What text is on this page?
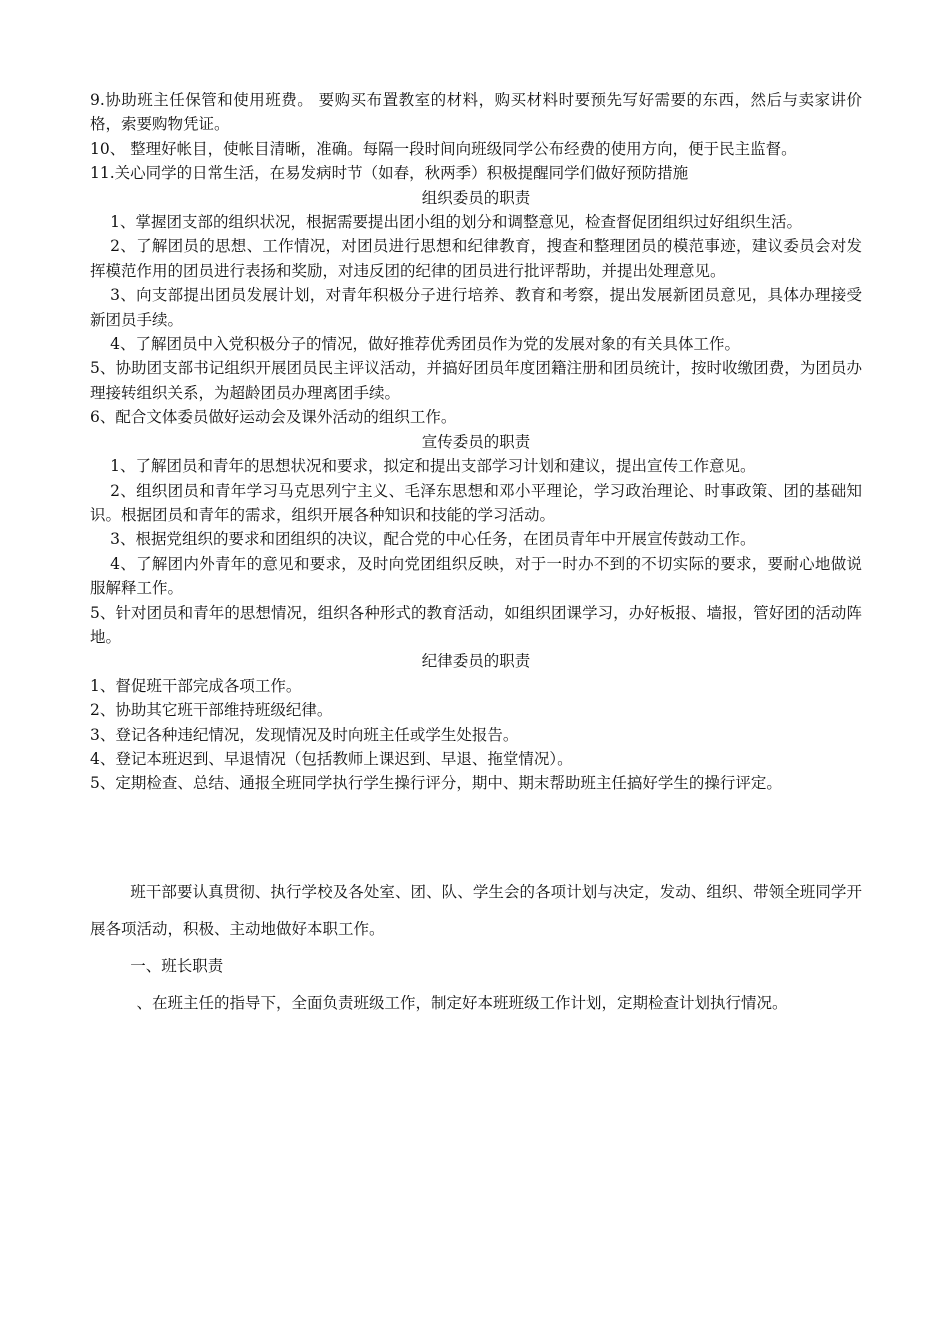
9.协助班主任保管和使用班费。 要购买布置教室的材料，购买材料时要预先写好需要的东西，然后与卖家讲价格，索要购物凭证。

10、 整理好帐目，使帐目清晰，准确。每隔一段时间向班级同学公布经费的使用方向，便于民主监督。

11.关心同学的日常生活，在易发病时节（如春，秋两季）积极提醒同学们做好预防措施

组织委员的职责

1、掌握团支部的组织状况，根据需要提出团小组的划分和调整意见，检查督促团组织过好组织生活。

2、了解团员的思想、工作情况，对团员进行思想和纪律教育，搜查和整理团员的模范事迹，建议委员会对发挥模范作用的团员进行表扬和奖励，对违反团的纪律的团员进行批评帮助，并提出处理意见。

3、向支部提出团员发展计划，对青年积极分子进行培养、教育和考察，提出发展新团员意见，具体办理接受新团员手续。

4、了解团员中入党积极分子的情况，做好推荐优秀团员作为党的发展对象的有关具体工作。

5、协助团支部书记组织开展团员民主评议活动，并搞好团员年度团籍注册和团员统计，按时收缴团费，为团员办理接转组织关系，为超龄团员办理离团手续。

6、配合文体委员做好运动会及课外活动的组织工作。

宣传委员的职责

1、了解团员和青年的思想状况和要求，拟定和提出支部学习计划和建议，提出宣传工作意见。

2、组织团员和青年学习马克思列宁主义、毛泽东思想和邓小平理论，学习政治理论、时事政策、团的基础知识。根据团员和青年的需求，组织开展各种知识和技能的学习活动。

3、根据党组织的要求和团组织的决议，配合党的中心任务，在团员青年中开展宣传鼓动工作。

4、了解团内外青年的意见和要求，及时向党团组织反映，对于一时办不到的不切实际的要求，要耐心地做说服解释工作。

5、针对团员和青年的思想情况，组织各种形式的教育活动，如组织团课学习，办好板报、墙报，管好团的活动阵地。

纪律委员的职责

1、督促班干部完成各项工作。

2、协助其它班干部维持班级纪律。

3、登记各种违纪情况，发现情况及时向班主任或学生处报告。

4、登记本班迟到、早退情况（包括教师上课迟到、早退、拖堂情况）。

5、定期检查、总结、通报全班同学执行学生操行评分，期中、期末帮助班主任搞好学生的操行评定。

班干部要认真贯彻、执行学校及各处室、团、队、学生会的各项计划与决定，发动、组织、带领全班同学开展各项活动，积极、主动地做好本职工作。

一、班长职责

、在班主任的指导下，全面负责班级工作，制定好本班班级工作计划，定期检查计划执行情况。
